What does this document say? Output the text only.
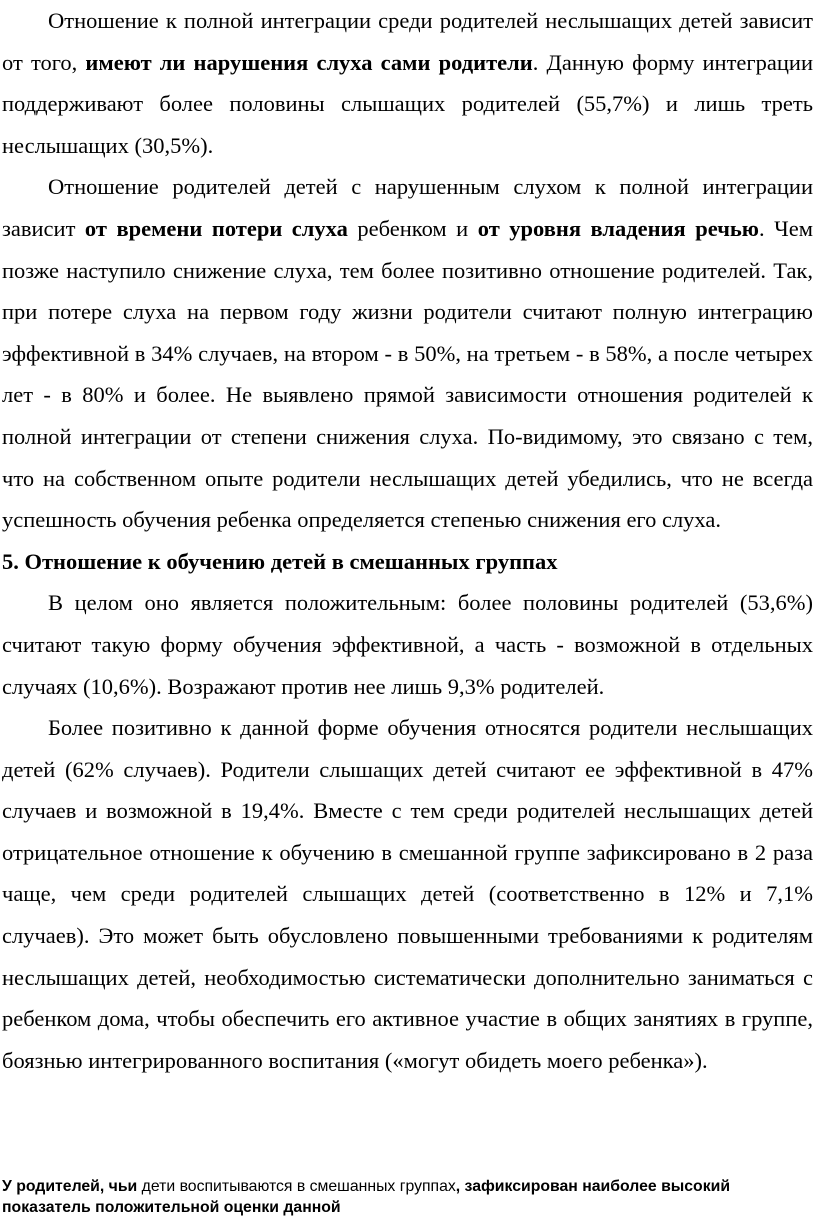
Отношение к полной интеграции среди родителей неслышащих детей зависит от того, имеют ли нарушения слуха сами родители. Данную форму интеграции поддерживают более половины слышащих родителей (55,7%) и лишь треть неслышащих (30,5%).

Отношение родителей детей с нарушенным слухом к полной интеграции зависит от времени потери слуха ребенком и от уровня владения речью. Чем позже наступило снижение слуха, тем более позитивно отношение родителей. Так, при потере слуха на первом году жизни родители считают полную интеграцию эффективной в 34% случаев, на втором - в 50%, на третьем - в 58%, а после четырех лет - в 80% и более. Не выявлено прямой зависимости отношения родителей к полной интеграции от степени снижения слуха. По-видимому, это связано с тем, что на собственном опыте родители неслышащих детей убедились, что не всегда успешность обучения ребенка определяется степенью снижения его слуха.

5. Отношение к обучению детей в смешанных группах

В целом оно является положительным: более половины родителей (53,6%) считают такую форму обучения эффективной, а часть - возможной в отдельных случаях (10,6%). Возражают против нее лишь 9,3% родителей.

Более позитивно к данной форме обучения относятся родители неслышащих детей (62% случаев). Родители слышащих детей считают ее эффективной в 47% случаев и возможной в 19,4%. Вместе с тем среди родителей неслышащих детей отрицательное отношение к обучению в смешанной группе зафиксировано в 2 раза чаще, чем среди родителей слышащих детей (соответственно в 12% и 7,1% случаев). Это может быть обусловлено повышенными требованиями к родителям неслышащих детей, необходимостью систематически дополнительно заниматься с ребенком дома, чтобы обеспечить его активное участие в общих занятиях в группе, боязнью интегрированного воспитания («могут обидеть моего ребенка»).

У родителей, чьи дети воспитываются в смешанных группах, зафиксирован наиболее высокий показатель положительной оценки данной
